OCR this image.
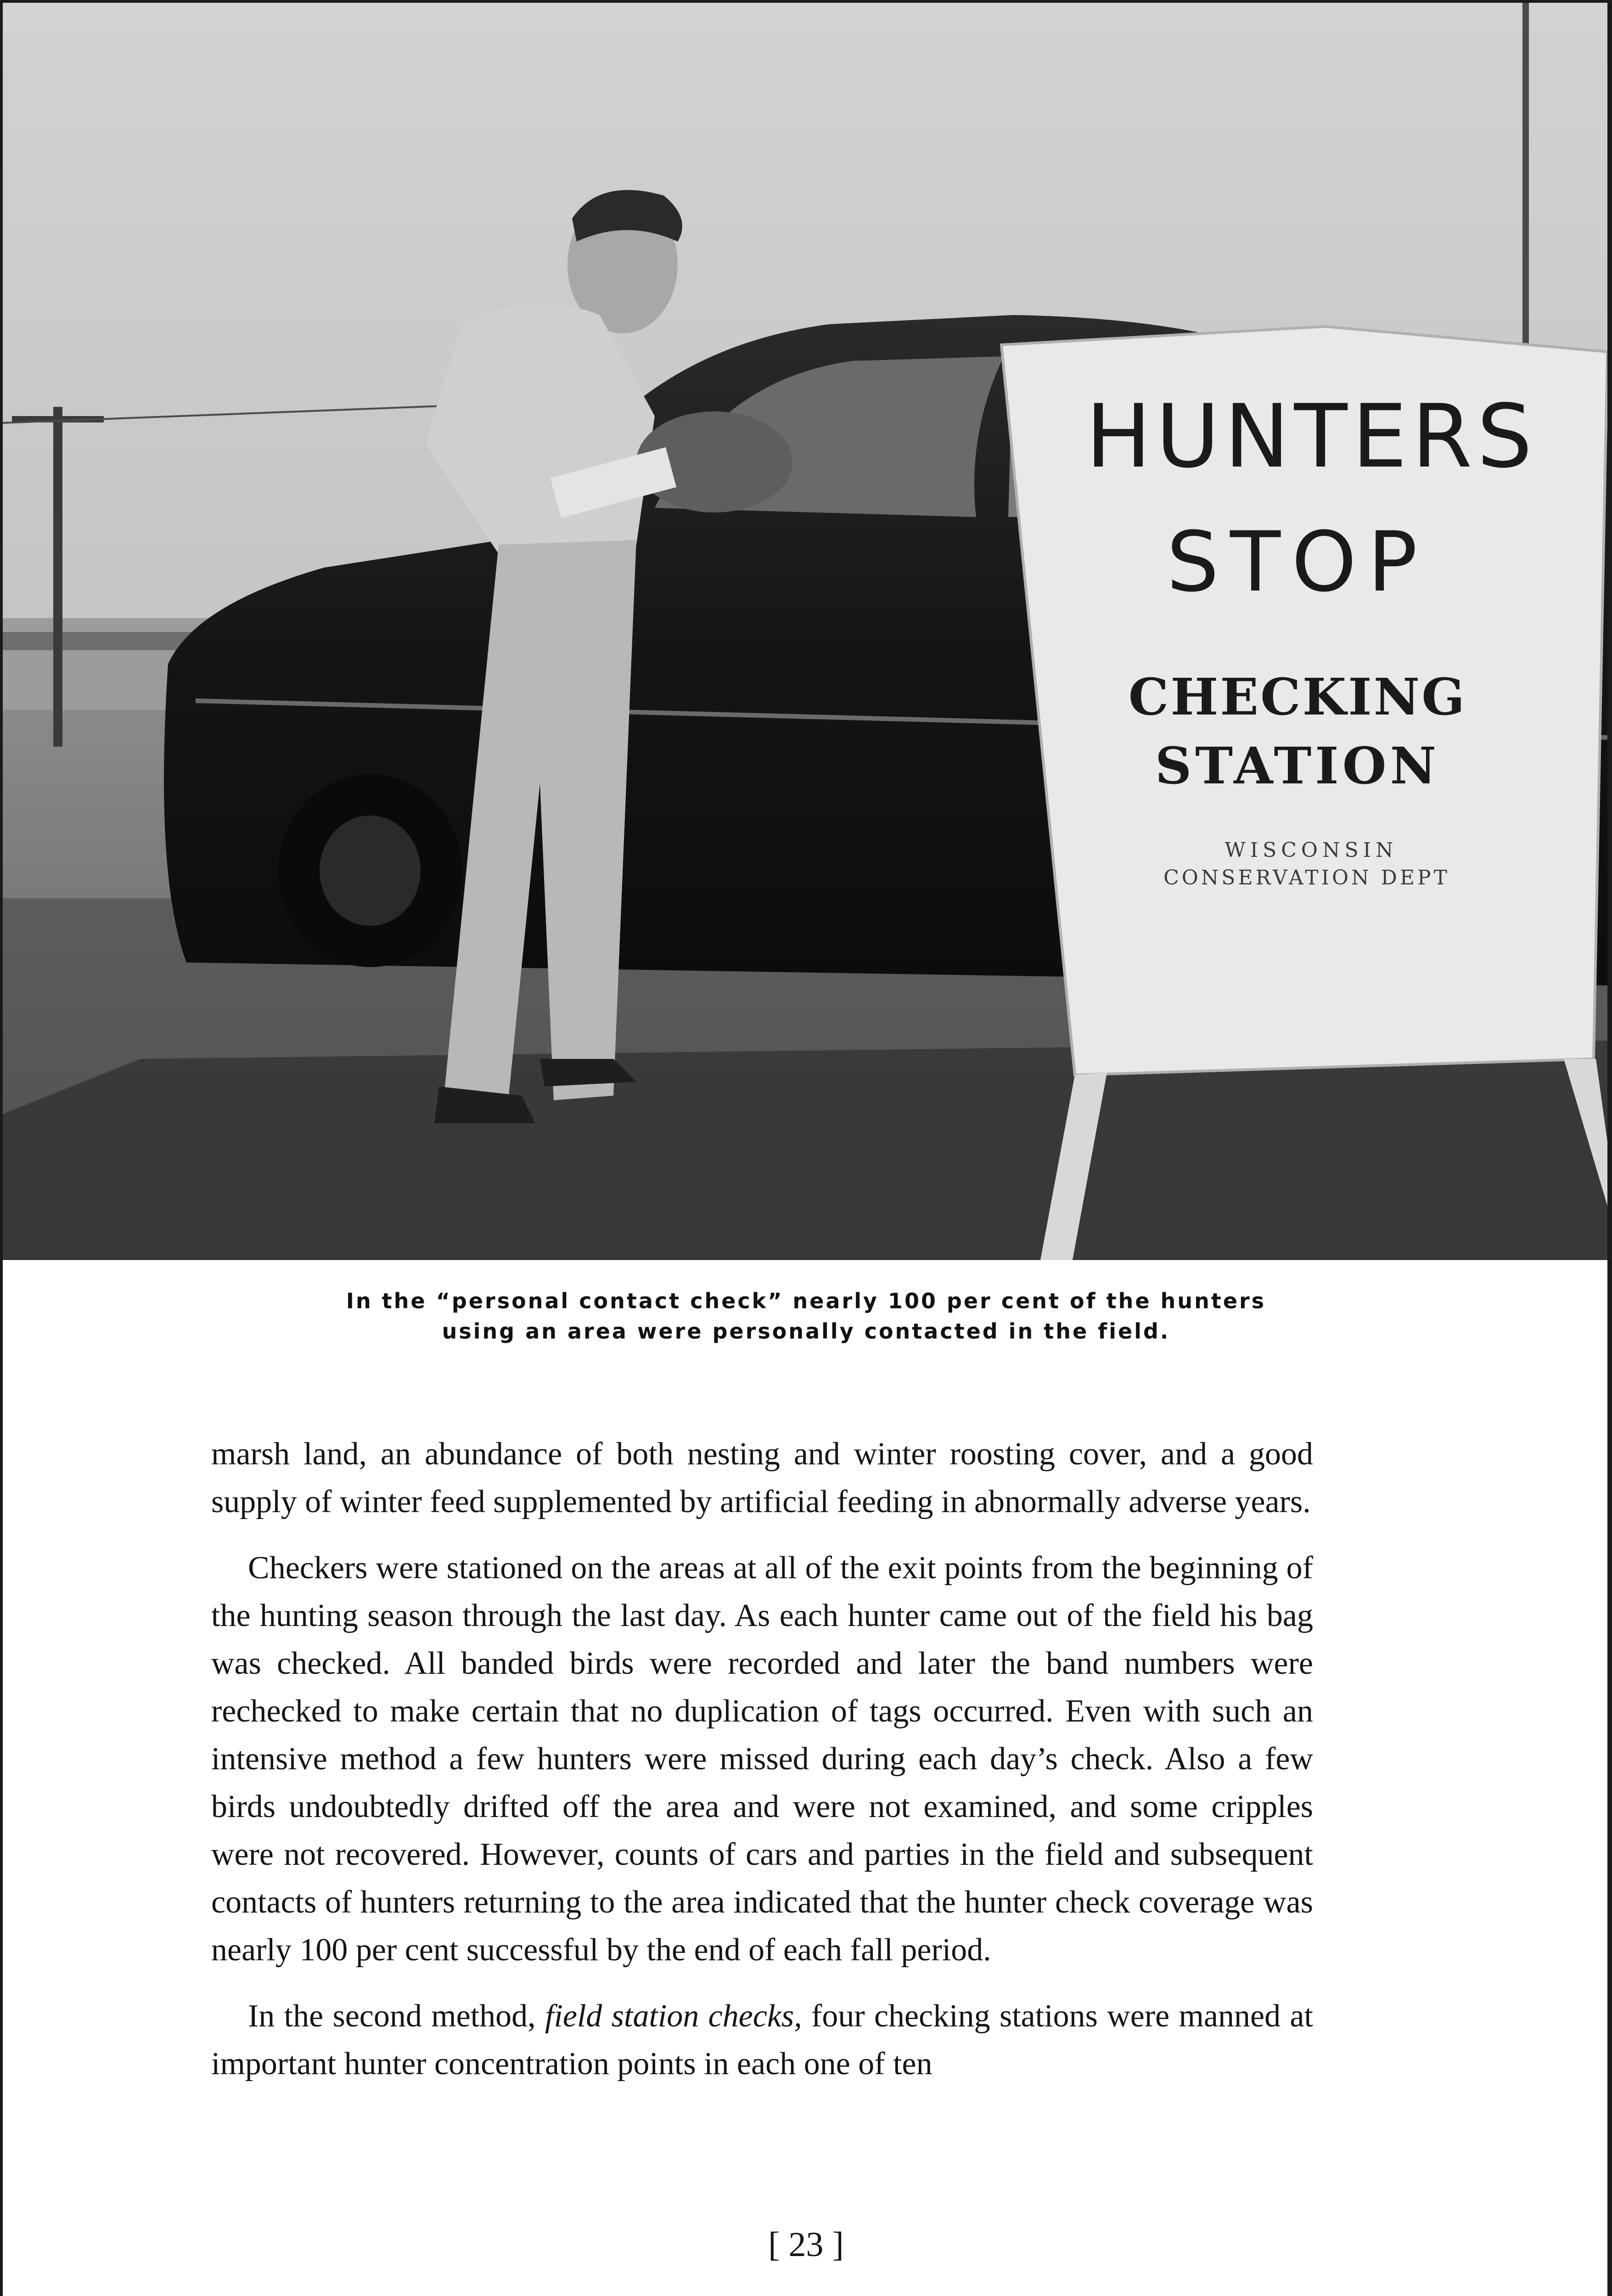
HUNTERS
STOP
CHECKING
STATION
WISCONSIN
CONSERVATION DEPT
In the “personal contact check” nearly 100 per cent of the hunters
using an area were personally contacted in the field.

marsh land, an abundance of both nesting and winter roosting cover, and a good supply of winter feed supplemented by artificial feeding in abnormally adverse years.

Checkers were stationed on the areas at all of the exit points from the beginning of the hunting season through the last day. As each hunter came out of the field his bag was checked. All banded birds were recorded and later the band numbers were rechecked to make certain that no duplication of tags occurred. Even with such an intensive method a few hunters were missed during each day’s check. Also a few birds undoubtedly drifted off the area and were not examined, and some cripples were not recovered. However, counts of cars and parties in the field and subsequent contacts of hunters returning to the area indicated that the hunter check coverage was nearly 100 per cent successful by the end of each fall period.

In the second method, field station checks, four checking stations were manned at important hunter concentration points in each one of ten

[ 23 ]
